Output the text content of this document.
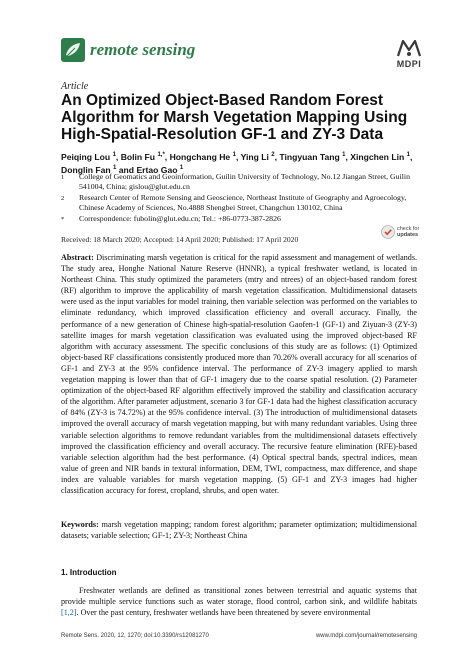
remote sensing
MDPI
Article
An Optimized Object-Based Random Forest Algorithm for Marsh Vegetation Mapping Using High-Spatial-Resolution GF-1 and ZY-3 Data
Peiqing Lou $^1$, Bolin Fu $^{1,*}$, Hongchang He $^1$, Ying Li $^2$, Tingyuan Tang $^1$, Xingchen Lin $^1$, Donglin Fan $^1$ and Ertao Gao $^1$
1	College of Geomatics and Geoinformation, Guilin University of Technology, No.12 Jiangan Street, Guilin 541004, China; gislou@glut.edu.cn
2	Research Center of Remote Sensing and Geoscience, Northeast Institute of Geography and Agroecology, Chinese Academy of Sciences, No.4888 Shengbei Street, Changchun 130102, China
*	Correspondence: fubolin@glut.edu.cn; Tel.: +86-0773-387-2826
Received: 18 March 2020; Accepted: 14 April 2020; Published: 17 April 2020
check for
updates

Abstract: Discriminating marsh vegetation is critical for the rapid assessment and management of wetlands. The study area, Honghe National Nature Reserve (HNNR), a typical freshwater wetland, is located in Northeast China. This study optimized the parameters (mtry and ntrees) of an object-based random forest (RF) algorithm to improve the applicability of marsh vegetation classification. Multidimensional datasets were used as the input variables for model training, then variable selection was performed on the variables to eliminate redundancy, which improved classification efficiency and overall accuracy. Finally, the performance of a new generation of Chinese high-spatial-resolution Gaofen-1 (GF-1) and Ziyuan-3 (ZY-3) satellite images for marsh vegetation classification was evaluated using the improved object-based RF algorithm with accuracy assessment. The specific conclusions of this study are as follows: (1) Optimized object-based RF classifications consistently produced more than 70.26% overall accuracy for all scenarios of GF-1 and ZY-3 at the 95% confidence interval. The performance of ZY-3 imagery applied to marsh vegetation mapping is lower than that of GF-1 imagery due to the coarse spatial resolution. (2) Parameter optimization of the object-based RF algorithm effectively improved the stability and classification accuracy of the algorithm. After parameter adjustment, scenario 3 for GF-1 data had the highest classification accuracy of 84% (ZY-3 is 74.72%) at the 95% confidence interval. (3) The introduction of multidimensional datasets improved the overall accuracy of marsh vegetation mapping, but with many redundant variables. Using three variable selection algorithms to remove redundant variables from the multidimensional datasets effectively improved the classification efficiency and overall accuracy. The recursive feature elimination (RFE)-based variable selection algorithm had the best performance. (4) Optical spectral bands, spectral indices, mean value of green and NIR bands in textural information, DEM, TWI, compactness, max difference, and shape index are valuable variables for marsh vegetation mapping. (5) GF-1 and ZY-3 images had higher classification accuracy for forest, cropland, shrubs, and open water.

Keywords: marsh vegetation mapping; random forest algorithm; parameter optimization; multidimensional datasets; variable selection; GF-1; ZY-3; Northeast China

1. Introduction

Freshwater wetlands are defined as transitional zones between terrestrial and aquatic systems that provide multiple service functions such as water storage, flood control, carbon sink, and wildlife habitats [1,2]. Over the past century, freshwater wetlands have been threatened by severe environmental

Remote Sens. 2020, 12, 1270; doi:10.3390/rs12081270	www.mdpi.com/journal/remotesensing
